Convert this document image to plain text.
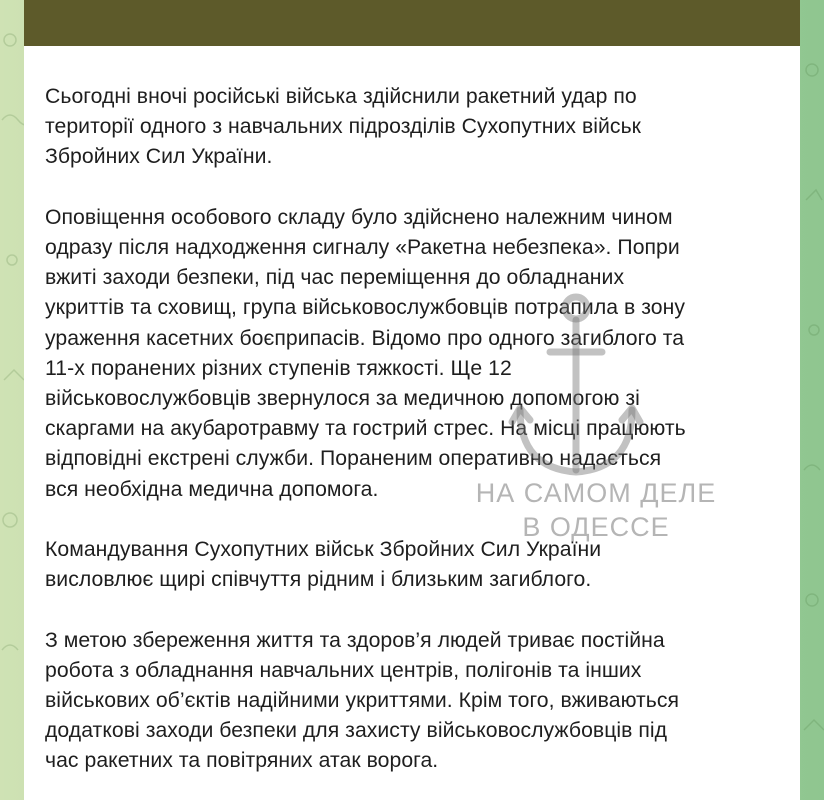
Сьогодні вночі російські війська здійснили ракетний удар по
території одного з навчальних підрозділів Сухопутних військ
Збройних Сил України.

Оповіщення особового складу було здійснено належним чином
одразу після надходження сигналу «Ракетна небезпека». Попри
вжиті заходи безпеки, під час переміщення до обладнаних
укриттів та сховищ, група військовослужбовців потрапила в зону
ураження касетних боєприпасів. Відомо про одного загиблого та
11-х поранених різних ступенів тяжкості. Ще 12
військовослужбовців звернулося за медичною допомогою зі
скаргами на акубаротравму та гострий стрес. На місці працюють
відповідні екстрені служби. Пораненим оперативно надається
вся необхідна медична допомога.

Командування Сухопутних військ Збройних Сил України
висловлює щирі співчуття рідним і близьким загиблого.

З метою збереження життя та здоров’я людей триває постійна
робота з обладнання навчальних центрів, полігонів та інших
військових об’єктів надійними укриттями. Крім того, вживаються
додаткові заходи безпеки для захисту військовослужбовців під
час ракетних та повітряних атак ворога.

НА САМОМ ДЕЛЕ
В ОДЕССЕ
